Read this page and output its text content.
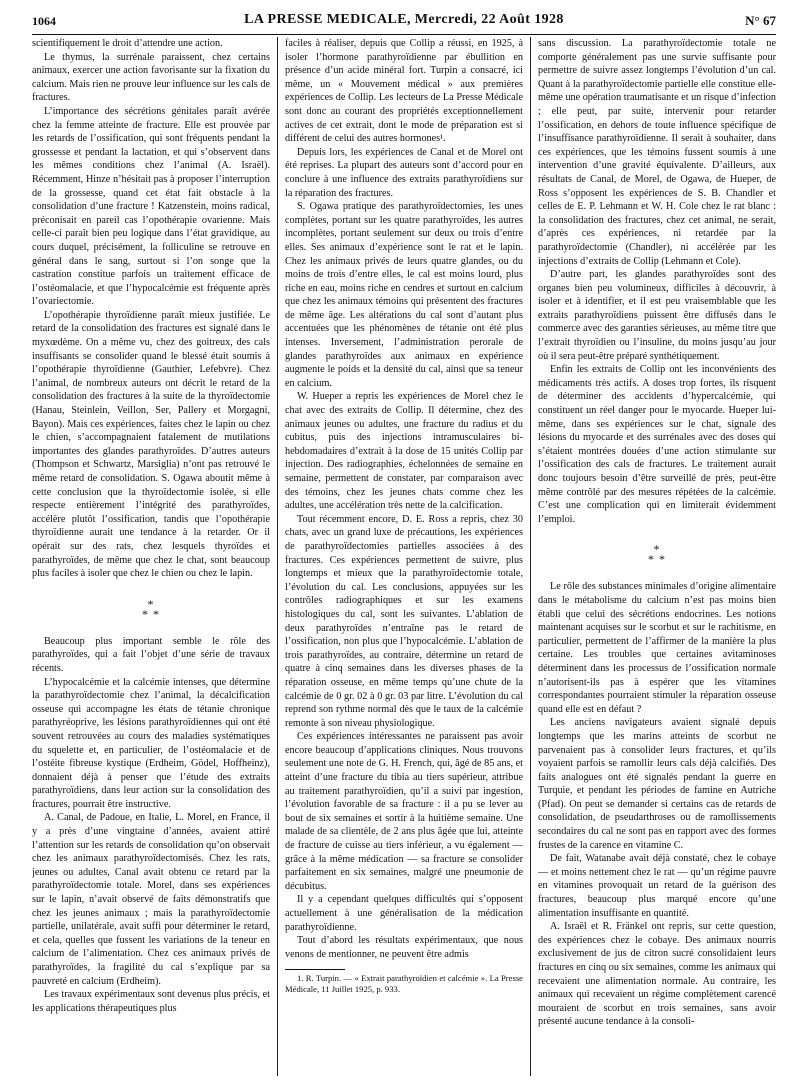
1064	LA PRESSE MEDICALE, Mercredi, 22 Août 1928	N° 67

scientifiquement le droit d’attendre une action.

Le thymus, la surrénale paraissent, chez certains animaux, exercer une action favorisante sur la fixation du calcium. Mais rien ne prouve leur influence sur les cals de fractures.

L’importance des sécrétions génitales paraît avérée chez la femme atteinte de fracture. Elle est prouvée par les retards de l’ossification, qui sont fréquents pendant la grossesse et pendant la lactation, et qui s’observent dans les mêmes conditions chez l’animal (A. Israël). Récemment, Hinze n’hésitait pas à proposer l’interruption de la grossesse, quand cet état fait obstacle à la consolidation d’une fracture ! Katzenstein, moins radical, préconisait en pareil cas l’opothérapie ovarienne. Mais celle-ci paraît bien peu logique dans l’état gravidique, au cours duquel, précisément, la folliculine se retrouve en général dans le sang, surtout si l’on songe que la castration constitue parfois un traitement efficace de l’ostéomalacie, et que l’hypocalcémie est fréquente après l’ovariectomie.

L’opothérapie thyroïdienne paraît mieux justifiée. Le retard de la consolidation des fractures est signalé dans le myxœdème. On a même vu, chez des goitreux, des cals insuffisants se consolider quand le blessé était soumis à l’opothérapie thyroïdienne (Gauthier, Lefebvre). Chez l’animal, de nombreux auteurs ont décrit le retard de la consolidation des fractures à la suite de la thyroïdectomie (Hanau, Steinlein, Veillon, Ser, Pallery et Morgagni, Bayon). Mais ces expériences, faites chez le lapin ou chez le chien, s’accompagnaient fatalement de mutilations importantes des glandes parathyroïdes. D’autres auteurs (Thompson et Schwartz, Marsiglia) n’ont pas retrouvé le même retard de consolidation. S. Ogawa aboutit même à cette conclusion que la thyroïdectomie isolée, si elle respecte entièrement l’intégrité des parathyroïdes, accélère plutôt l’ossification, tandis que l’opothérapie thyroïdienne aurait une tendance à la retarder. Or il opérait sur des rats, chez lesquels thyroïdes et parathyroïdes, de même que chez le chat, sont beaucoup plus faciles à isoler que chez le chien ou chez le lapin.

*
* *

Beaucoup plus important semble le rôle des parathyroïdes, qui a fait l’objet d’une série de travaux récents.

L’hypocalcémie et la calcémie intenses, que détermine la parathyroïdectomie chez l’animal, la décalcification osseuse qui accompagne les états de tétanie chronique parathyréoprive, les lésions parathyroïdiennes qui ont été souvent retrouvées au cours des maladies systématiques du squelette et, en particulier, de l’ostéomalacie et de l’ostéite fibreuse kystique (Erdheim, Gödel, Hoffheinz), donnaient déjà à penser que l’étude des extraits parathyroïdiens, dans leur action sur la consolidation des fractures, pourrait être instructive.

A. Canal, de Padoue, en Italie, L. Morel, en France, il y a près d’une vingtaine d’années, avaient attiré l’attention sur les retards de consolidation qu’on observait chez les animaux parathyroïdectomisés. Chez les rats, jeunes ou adultes, Canal avait obtenu ce retard par la parathyroïdectomie totale. Morel, dans ses expériences sur le lapin, n’avait observé de faits démonstratifs que chez les jeunes animaux ; mais la parathyroïdectomie partielle, unilatérale, avait suffi pour déterminer le retard, et cela, quelles que fussent les variations de la teneur en calcium de l’alimentation. Chez ces animaux privés de parathyroïdes, la fragilité du cal s’explique par sa pauvreté en calcium (Erdheim).

Les travaux expérimentaux sont devenus plus précis, et les applications thérapeutiques plus

faciles à réaliser, depuis que Collip a réussi, en 1925, à isoler l’hormone parathyroïdienne par ébullition en présence d’un acide minéral fort. Turpin a consacré, ici même, un « Mouvement médical » aux premières expériences de Collip. Les lecteurs de La Presse Médicale sont donc au courant des propriétés exceptionnellement actives de cet extrait, dont le mode de préparation est si différent de celui des autres hormones¹.

Depuis lors, les expériences de Canal et de Morel ont été reprises. La plupart des auteurs sont d’accord pour en conclure à une influence des extraits parathyroïdiens sur la réparation des fractures.

S. Ogawa pratique des parathyroïdectomies, les unes complètes, portant sur les quatre parathyroïdes, les autres incomplètes, portant seulement sur deux ou trois d’entre elles. Ses animaux d’expérience sont le rat et le lapin. Chez les animaux privés de leurs quatre glandes, ou du moins de trois d’entre elles, le cal est moins lourd, plus riche en eau, moins riche en cendres et surtout en calcium que chez les animaux témoins qui présentent des fractures de même âge. Les altérations du cal sont d’autant plus accentuées que les phénomènes de tétanie ont été plus intenses. Inversement, l’administration perorale de glandes parathyroïdes aux animaux en expérience augmente le poids et la densité du cal, ainsi que sa teneur en calcium.

W. Hueper a repris les expériences de Morel chez le chat avec des extraits de Collip. Il détermine, chez des animaux jeunes ou adultes, une fracture du radius et du cubitus, puis des injections intramusculaires bi-hebdomadaires d’extrait à la dose de 15 unités Collip par injection. Des radiographies, échelonnées de semaine en semaine, permettent de constater, par comparaison avec des témoins, chez les jeunes chats comme chez les adultes, une accélération très nette de la calcification.

Tout récemment encore, D. E. Ross a repris, chez 30 chats, avec un grand luxe de précautions, les expériences de parathyroïdectomies partielles associées à des fractures. Ces expériences permettent de suivre, plus longtemps et mieux que la parathyroïdectomie totale, l’évolution du cal. Les conclusions, appuyées sur les contrôles radiographiques et sur les examens histologiques du cal, sont les suivantes. L’ablation de deux parathyroïdes n’entraîne pas le retard de l’ossification, non plus que l’hypocalcémie. L’ablation de trois parathyroïdes, au contraire, détermine un retard de quatre à cinq semaines dans les diverses phases de la réparation osseuse, en même temps qu’une chute de la calcémie de 0 gr. 02 à 0 gr. 03 par litre. L’évolution du cal reprend son rythme normal dès que le taux de la calcémie remonte à son niveau physiologique.

Ces expériences intéressantes ne paraissent pas avoir encore beaucoup d’applications cliniques. Nous trouvons seulement une note de G. H. French, qui, âgé de 85 ans, et atteint d’une fracture du tibia au tiers supérieur, attribue au traitement parathyroïdien, qu’il a suivi par ingestion, l’évolution favorable de sa fracture : il a pu se lever au bout de six semaines et sortir à la huitième semaine. Une malade de sa clientèle, de 2 ans plus âgée que lui, atteinte de fracture de cuisse au tiers inférieur, a vu également — grâce à la même médication — sa fracture se consolider parfaitement en six semaines, malgré une pneumonie de décubitus.

Il y a cependant quelques difficultés qui s’opposent actuellement à une généralisation de la médication parathyroïdienne.

Tout d’abord les résultats expérimentaux, que nous venons de mentionner, ne peuvent être admis

1. R. Turpin. — « Extrait parathyroïdien et calcémie ». La Presse Médicale, 11 Juillet 1925, p. 933.

sans discussion. La parathyroïdectomie totale ne comporte généralement pas une survie suffisante pour permettre de suivre assez longtemps l’évolution d’un cal. Quant à la parathyroïdectomie partielle elle constitue elle-même une opération traumatisante et un risque d’infection ; elle peut, par suite, intervenir pour retarder l’ossification, en dehors de toute influence spécifique de l’insuffisance parathyroïdienne. Il serait à souhaiter, dans ces expériences, que les témoins fussent soumis à une intervention d’une gravité équivalente. D’ailleurs, aux résultats de Canal, de Morel, de Ogawa, de Hueper, de Ross s’opposent les expériences de S. B. Chandler et celles de E. P. Lehmann et W. H. Cole chez le rat blanc : la consolidation des fractures, chez cet animal, ne serait, d’après ces expériences, ni retardée par la parathyroïdectomie (Chandler), ni accélérée par les injections d’extraits de Collip (Lehmann et Cole).

D’autre part, les glandes parathyroïdes sont des organes bien peu volumineux, difficiles à découvrir, à isoler et à identifier, et il est peu vraisemblable que les extraits parathyroïdiens puissent être diffusés dans le commerce avec des garanties sérieuses, au même titre que l’extrait thyroïdien ou l’insuline, du moins jusqu’au jour où il sera peut-être préparé synthétiquement.

Enfin les extraits de Collip ont les inconvénients des médicaments très actifs. A doses trop fortes, ils risquent de déterminer des accidents d’hypercalcémie, qui constituent un réel danger pour le myocarde. Hueper lui-même, dans ses expériences sur le chat, signale des lésions du myocarde et des surrénales avec des doses qui s’étaient montrées douées d’une action stimulante sur l’ossification des cals de fractures. Le traitement aurait donc toujours besoin d’être surveillé de près, peut-être même contrôlé par des mesures répétées de la calcémie. C’est une complication qui en limiterait évidemment l’emploi.

*
* *

Le rôle des substances minimales d’origine alimentaire dans le métabolisme du calcium n’est pas moins bien établi que celui des sécrétions endocrines. Les notions maintenant acquises sur le scorbut et sur le rachitisme, en particulier, permettent de l’affirmer de la manière la plus certaine. Les troubles que certaines avitaminoses déterminent dans les processus de l’ossification normale n’autorisent-ils pas à espérer que les vitamines correspondantes pourraient stimuler la réparation osseuse quand elle est en défaut ?

Les anciens navigateurs avaient signalé depuis longtemps que les marins atteints de scorbut ne parvenaient pas à consolider leurs fractures, et qu’ils voyaient parfois se ramollir leurs cals déjà calcifiés. Des faits analogues ont été signalés pendant la guerre en Turquie, et pendant les périodes de famine en Autriche (Pfad). On peut se demander si certains cas de retards de consolidation, de pseudarthroses ou de ramollissements secondaires du cal ne sont pas en rapport avec des formes frustes de la carence en vitamine C.

De fait, Watanabe avait déjà constaté, chez le cobaye — et moins nettement chez le rat — qu’un régime pauvre en vitamines provoquait un retard de la guérison des fractures, beaucoup plus marqué encore qu’une alimentation insuffisante en quantité.

A. Israël et R. Fränkel ont repris, sur cette question, des expériences chez le cobaye. Des animaux nourris exclusivement de jus de citron sucré consolidaient leurs fractures en cinq ou six semaines, comme les animaux qui recevaient une alimentation normale. Au contraire, les animaux qui recevaient un régime complètement carencé mouraient de scorbut en trois semaines, sans avoir présenté aucune tendance à la consoli-
